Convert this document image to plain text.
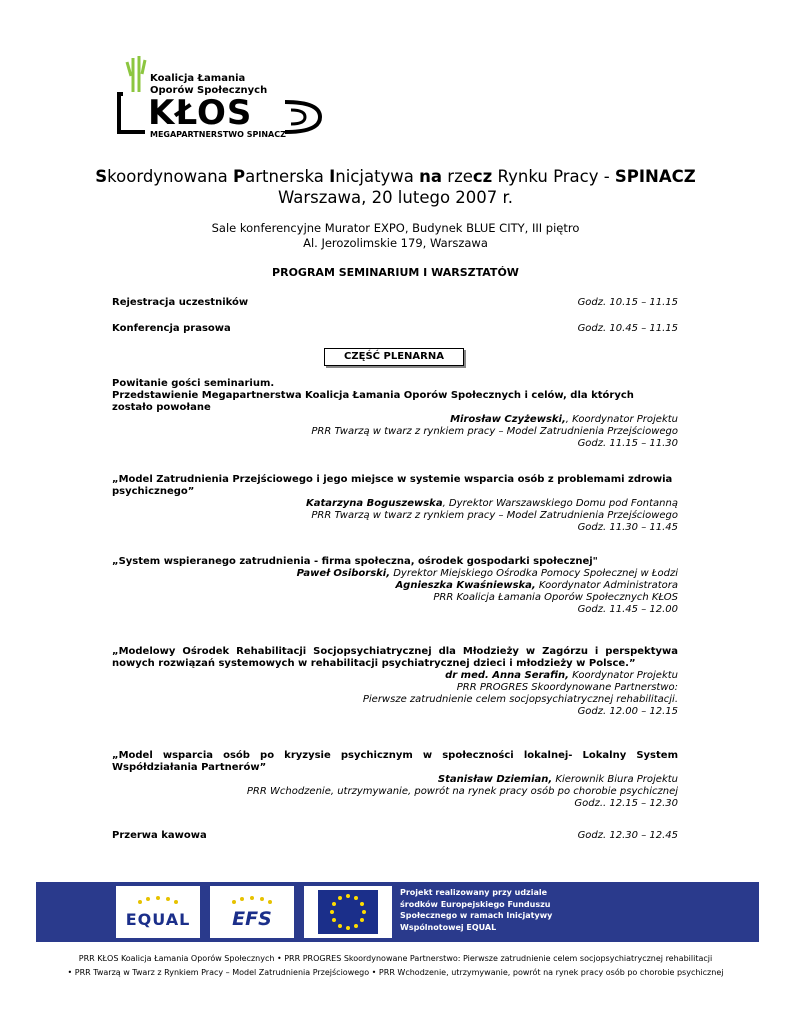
Koalicja Łamania
Oporów Społecznych
KŁOS
MEGAPARTNERSTWO SPINACZ
Skoordynowana Partnerska Inicjatywa na rzecz Rynku Pracy - SPINACZ
Warszawa, 20 lutego 2007 r.
Sale konferencyjne Murator EXPO, Budynek BLUE CITY, III piętro
Al. Jerozolimskie 179, Warszawa
PROGRAM SEMINARIUM I WARSZTATÓW
Rejestracja uczestników	Godz. 10.15 – 11.15
Konferencja prasowa	Godz. 10.45 – 11.15
CZĘŚĆ PLENARNA

Powitanie gości seminarium.
Przedstawienie Megapartnerstwa Koalicja Łamania Oporów Społecznych i celów, dla których zostało powołane

Mirosław Czyżewski,, Koordynator Projektu

PRR Twarzą w twarz z rynkiem pracy – Model Zatrudnienia Przejściowego

Godz. 11.15 – 11.30

„Model Zatrudnienia Przejściowego i jego miejsce w systemie wsparcia osób z problemami zdrowia psychicznego”

Katarzyna Boguszewska, Dyrektor Warszawskiego Domu pod Fontanną

PRR Twarzą w twarz z rynkiem pracy – Model Zatrudnienia Przejściowego

Godz. 11.30 – 11.45

„System wspieranego zatrudnienia - firma społeczna, ośrodek gospodarki społecznej"

Paweł Osiborski, Dyrektor Miejskiego Ośrodka Pomocy Społecznej w Łodzi

Agnieszka Kwaśniewska, Koordynator Administratora

PRR Koalicja Łamania Oporów Społecznych KŁOS

Godz. 11.45 – 12.00

„Modelowy Ośrodek Rehabilitacji Socjopsychiatrycznej dla Młodzieży w Zagórzu i perspektywa nowych rozwiązań systemowych w rehabilitacji psychiatrycznej dzieci i młodzieży w Polsce.”

dr med. Anna Serafin, Koordynator Projektu

PRR PROGRES Skoordynowane Partnerstwo:
Pierwsze zatrudnienie celem socjopsychiatrycznej rehabilitacji.

Godz. 12.00 – 12.15

„Model wsparcia osób po kryzysie psychicznym w społeczności lokalnej- Lokalny System Współdziałania Partnerów”

Stanisław Dziemian, Kierownik Biura Projektu

PRR Wchodzenie, utrzymywanie, powrót na rynek pracy osób po chorobie psychicznej

Godz.. 12.15 – 12.30

Przerwa kawowa	Godz. 12.30 – 12.45
EQUAL	EFS
Projekt realizowany przy udziale
środków Europejskiego Funduszu
Społecznego w ramach Inicjatywy
Wspólnotowej EQUAL
PRR KŁOS Koalicja Łamania Oporów Społecznych • PRR PROGRES Skoordynowane Partnerstwo: Pierwsze zatrudnienie celem socjopsychiatrycznej rehabilitacji
• PRR Twarzą w Twarz z Rynkiem Pracy – Model Zatrudnienia Przejściowego • PRR Wchodzenie, utrzymywanie, powrót na rynek pracy osób po chorobie psychicznej
